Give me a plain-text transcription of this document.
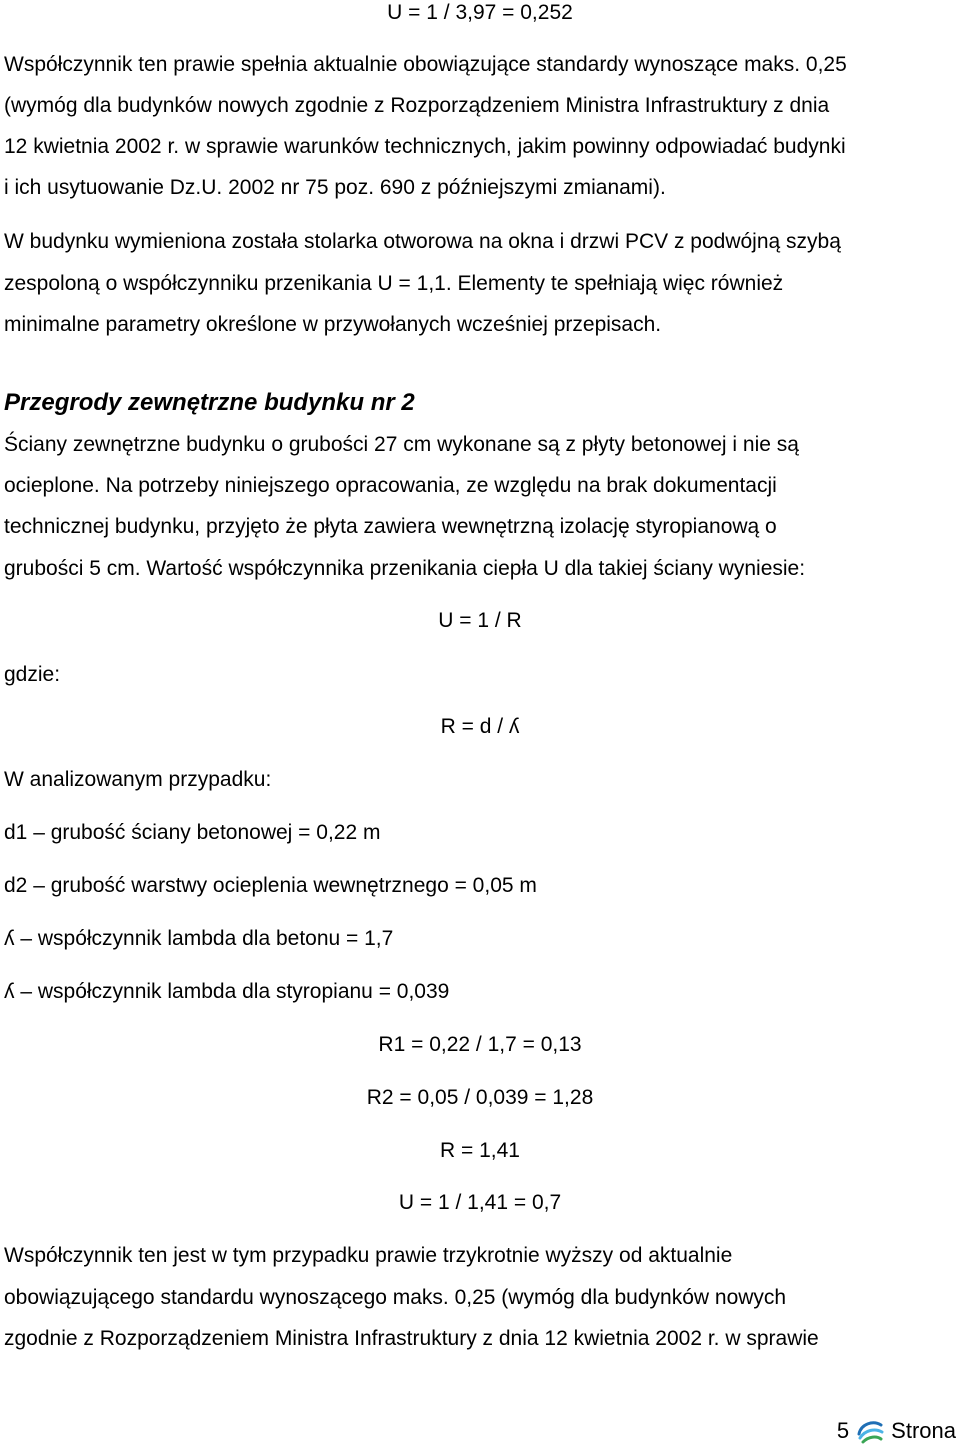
U = 1 / 3,97 = 0,252
Współczynnik ten prawie spełnia aktualnie obowiązujące standardy wynoszące maks. 0,25
(wymóg dla budynków nowych zgodnie z Rozporządzeniem Ministra Infrastruktury z dnia
12 kwietnia 2002 r. w sprawie warunków technicznych, jakim powinny odpowiadać budynki
i ich usytuowanie Dz.U. 2002 nr 75 poz. 690 z późniejszymi zmianami).
W budynku wymieniona została stolarka otworowa na okna i drzwi PCV z podwójną szybą
zespoloną o współczynniku przenikania U = 1,1. Elementy te spełniają więc również
minimalne parametry określone w przywołanych wcześniej przepisach.
Przegrody zewnętrzne budynku nr 2
Ściany zewnętrzne budynku o grubości 27 cm wykonane są z płyty betonowej i nie są
ocieplone. Na potrzeby niniejszego opracowania, ze względu na brak dokumentacji
technicznej budynku, przyjęto że płyta zawiera wewnętrzną izolację styropianową o
grubości 5 cm. Wartość współczynnika przenikania ciepła U dla takiej ściany wyniesie:
U = 1 / R
gdzie:
R = d / ʎ
W analizowanym przypadku:
d1 – grubość ściany betonowej = 0,22 m
d2 – grubość warstwy ocieplenia wewnętrznego = 0,05 m
ʎ – współczynnik lambda dla betonu = 1,7
ʎ – współczynnik lambda dla styropianu = 0,039
R1 = 0,22 / 1,7 = 0,13
R2 = 0,05 / 0,039 = 1,28
R = 1,41
U = 1 / 1,41 = 0,7
Współczynnik ten jest w tym przypadku prawie trzykrotnie wyższy od aktualnie
obowiązującego standardu wynoszącego maks. 0,25 (wymóg dla budynków nowych
zgodnie z Rozporządzeniem Ministra Infrastruktury z dnia 12 kwietnia 2002 r. w sprawie
5 Strona
